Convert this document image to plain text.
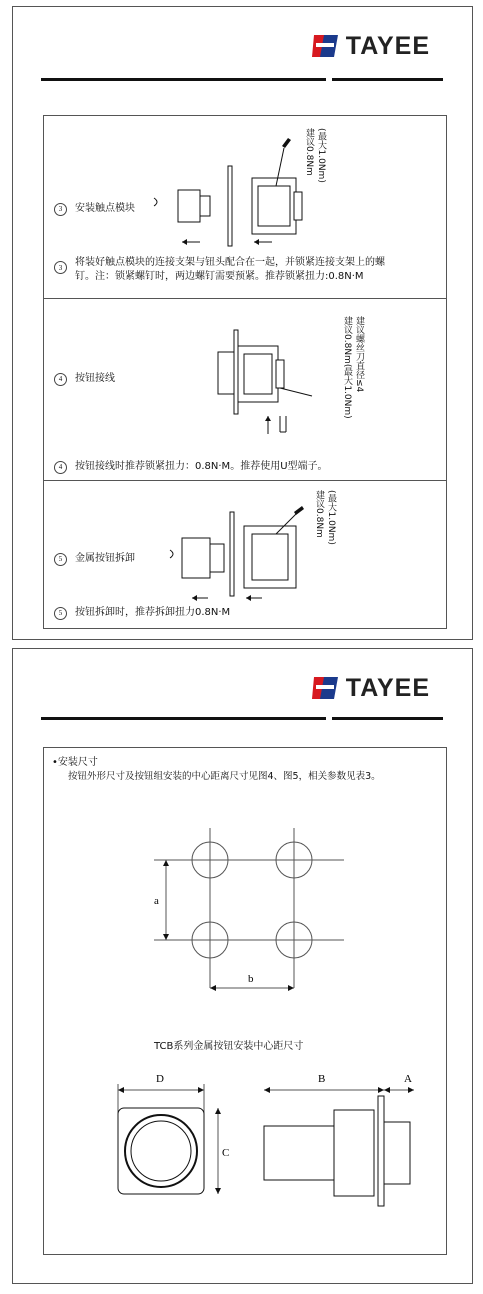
TAYEE
3	安装触点模块
建议0.8Nm (最大1.0Nm)
3	将装好触点模块的连接支架与钮头配合在一起，并锁紧连接支架上的螺
钉。注：锁紧螺钉时，两边螺钉需要预紧。推荐锁紧扭力:0.8N·M
4	按钮接线	建议0.8Nm(最大1.0Nm) 建议螺丝刀直径≤4
4	按钮接线时推荐锁紧扭力：0.8N·M。推荐使用U型端子。
5	金属按钮拆卸
建议0.8Nm (最大1.0Nm)
5	按钮拆卸时，推荐拆卸扭力0.8N·M
TAYEE
•安装尺寸
按钮外形尺寸及按钮组安装的中心距离尺寸见图4、图5，相关参数见表3。
a
b
TCB系列金属按钮安装中心距尺寸
D
C
B	A
